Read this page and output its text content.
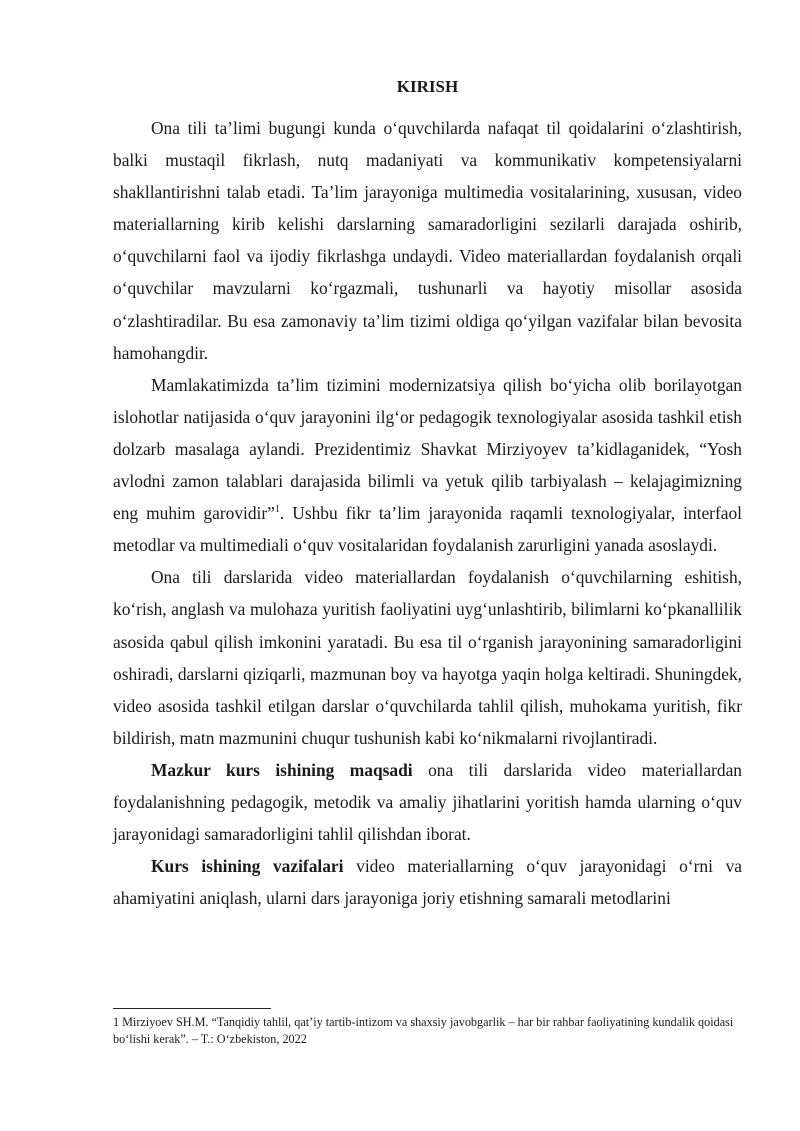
KIRISH

Ona tili ta’limi bugungi kunda o‘quvchilarda nafaqat til qoidalarini o‘zlashtirish, balki mustaqil fikrlash, nutq madaniyati va kommunikativ kompetensiyalarni shakllantirishni talab etadi. Ta’lim jarayoniga multimedia vositalarining, xususan, video materiallarning kirib kelishi darslarning samaradorligini sezilarli darajada oshirib, o‘quvchilarni faol va ijodiy fikrlashga undaydi. Video materiallardan foydalanish orqali o‘quvchilar mavzularni ko‘rgazmali, tushunarli va hayotiy misollar asosida o‘zlashtiradilar. Bu esa zamonaviy ta’lim tizimi oldiga qo‘yilgan vazifalar bilan bevosita hamohangdir.

Mamlakatimizda ta’lim tizimini modernizatsiya qilish bo‘yicha olib borilayotgan islohotlar natijasida o‘quv jarayonini ilg‘or pedagogik texnologiyalar asosida tashkil etish dolzarb masalaga aylandi. Prezidentimiz Shavkat Mirziyoyev ta’kidlaganidek, “Yosh avlodni zamon talablari darajasida bilimli va yetuk qilib tarbiyalash – kelajagimizning eng muhim garovidir”$^1$. Ushbu fikr ta’lim jarayonida raqamli texnologiyalar, interfaol metodlar va multimediali o‘quv vositalaridan foydalanish zarurligini yanada asoslaydi.

Ona tili darslarida video materiallardan foydalanish o‘quvchilarning eshitish, ko‘rish, anglash va mulohaza yuritish faoliyatini uyg‘unlashtirib, bilimlarni ko‘pkanallilik asosida qabul qilish imkonini yaratadi. Bu esa til o‘rganish jarayonining samaradorligini oshiradi, darslarni qiziqarli, mazmunan boy va hayotga yaqin holga keltiradi. Shuningdek, video asosida tashkil etilgan darslar o‘quvchilarda tahlil qilish, muhokama yuritish, fikr bildirish, matn mazmunini chuqur tushunish kabi ko‘nikmalarni rivojlantiradi.

Mazkur kurs ishining maqsadi ona tili darslarida video materiallardan foydalanishning pedagogik, metodik va amaliy jihatlarini yoritish hamda ularning o‘quv jarayonidagi samaradorligini tahlil qilishdan iborat.

Kurs ishining vazifalari video materiallarning o‘quv jarayonidagi o‘rni va ahamiyatini aniqlash, ularni dars jarayoniga joriy etishning samarali metodlarini

1 Mirziyoev SH.M. “Tanqidiy tahlil, qat’iy tartib-intizom va shaxsiy javobgarlik – har bir rahbar faoliyatining kundalik qoidasi bo‘lishi kerak”. – T.: O‘zbekiston, 2022
